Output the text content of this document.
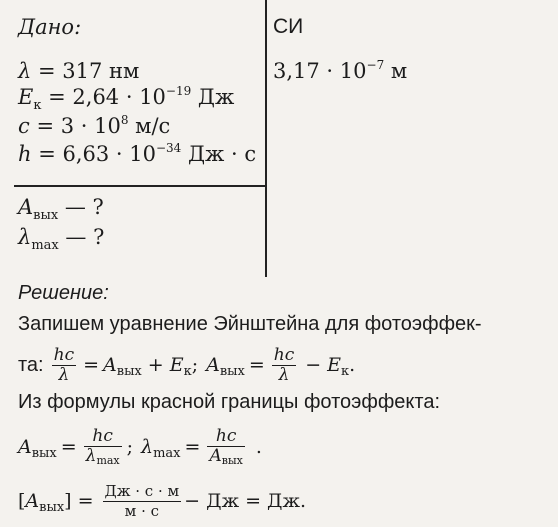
Дано:
λ = 317 нм
$E_к = 2,64 \cdot 10^{-19}$ Дж
$c = 3 \cdot 10^8$ м/с
$h = 6,63 \cdot 10^{-34}$ Дж · с
СИ
$3,17 \cdot 10^{-7}$ м
$A_{вых}$ — ?
$\lambda_{max}$ — ?
Решение:
Запишем уравнение Эйнштейна для фотоэффек-
та: $\frac{hc}{\lambda} = A$ вых + E к ; A вых = $\frac{hc}{\lambda} - E$ к .
Из формулы красной границы фотоэффекта:
A вых = $\frac{hc}{\lambda\max}$ ; λ $\max = \frac{hc}{\text{Aвых}}$ .
[ A вых ] = $\frac{Дж \cdot с \cdot м}{м \cdot с}$ − Дж = Дж.
